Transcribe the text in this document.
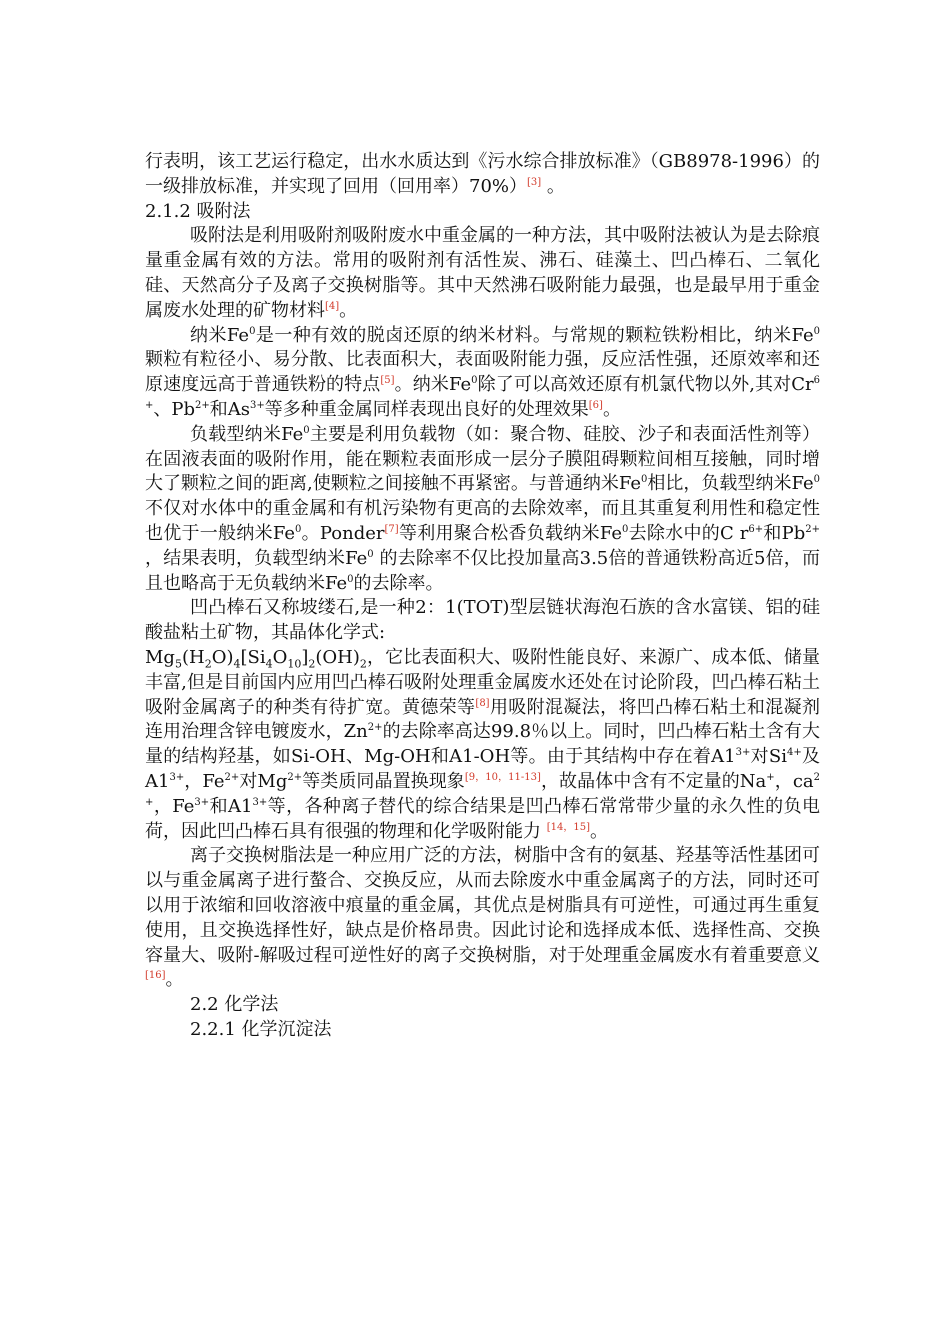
行表明，该工艺运行稳定，出水水质达到《污水综合排放标准》（GB8978-1996）的一级排放标准，并实现了回用（回用率）70%）[3] 。

2.1.2 吸附法

吸附法是利用吸附剂吸附废水中重金属的一种方法，其中吸附法被认为是去除痕量重金属有效的方法。常用的吸附剂有活性炭、沸石、硅藻土、凹凸棒石、二氧化硅、天然高分子及离子交换树脂等。其中天然沸石吸附能力最强，也是最早用于重金属废水处理的矿物材料[4]。

纳米Fe$^0$是一种有效的脱卤还原的纳米材料。与常规的颗粒铁粉相比，纳米Fe$^0$颗粒有粒径小、易分散、比表面积大，表面吸附能力强，反应活性强，还原效率和还原速度远高于普通铁粉的特点[5]。纳米Fe$^0$除了可以高效还原有机氯代物以外,其对$Cr^{6+}$、$Pb^{2+}$和$As^{3+}$等多种重金属同样表现出良好的处理效果[6]。

负载型纳米Fe$^0$主要是利用负载物（如：聚合物、硅胶、沙子和表面活性剂等）在固液表面的吸附作用，能在颗粒表面形成一层分子膜阻碍颗粒间相互接触，同时增大了颗粒之间的距离,使颗粒之间接触不再紧密。与普通纳米Fe$^0$相比，负载型纳米Fe$^0$不仅对水体中的重金属和有机污染物有更高的去除效率，而且其重复利用性和稳定性也优于一般纳米Fe$^0$。Ponder[7]等利用聚合松香负载纳米Fe$^0$去除水中的C $r^{6+}$和$Pb^{2+}$ ，结果表明，负载型纳米Fe$^0$ 的去除率不仅比投加量高3.5倍的普通铁粉高近5倍，而且也略高于无负载纳米Fe$^0$的去除率。

凹凸棒石又称坡缕石,是一种2：1(TOT)型层链状海泡石族的含水富镁、铝的硅酸盐粘土矿物，其晶体化学式:
$Mg_5(H_2O)_4[Si_4O_{10}]_2(OH)_2$，它比表面积大、吸附性能良好、来源广、成本低、储量丰富,但是目前国内应用凹凸棒石吸附处理重金属废水还处在讨论阶段，凹凸棒石粘土吸附金属离子的种类有待扩宽。黄德荣等[8]用吸附混凝法，将凹凸棒石粘土和混凝剂连用治理含锌电镀废水，$Zn^{2+}$的去除率高达99.8％以上。同时，凹凸棒石粘土含有大量的结构羟基，如Si-OH、Mg-OH和A1-OH等。由于其结构中存在着$A1^{3+}$对$Si^{4+}$及$A1^{3+}$，$Fe^{2+}$对$Mg^{2+}$等类质同晶置换现象[9，10，11-13]，故晶体中含有不定量的Na+，$ca^{2+}$，$Fe^{3+}$和$A1^{3+}$等，各种离子替代的综合结果是凹凸棒石常常带少量的永久性的负电荷，因此凹凸棒石具有很强的物理和化学吸附能力 [14，15]。

离子交换树脂法是一种应用广泛的方法，树脂中含有的氨基、羟基等活性基团可以与重金属离子进行螯合、交换反应，从而去除废水中重金属离子的方法，同时还可以用于浓缩和回收溶液中痕量的重金属，其优点是树脂具有可逆性，可通过再生重复使用，且交换选择性好，缺点是价格昂贵。因此讨论和选择成本低、选择性高、交换容量大、吸附-解吸过程可逆性好的离子交换树脂，对于处理重金属废水有着重要意义[16]。

2.2 化学法

2.2.1 化学沉淀法
